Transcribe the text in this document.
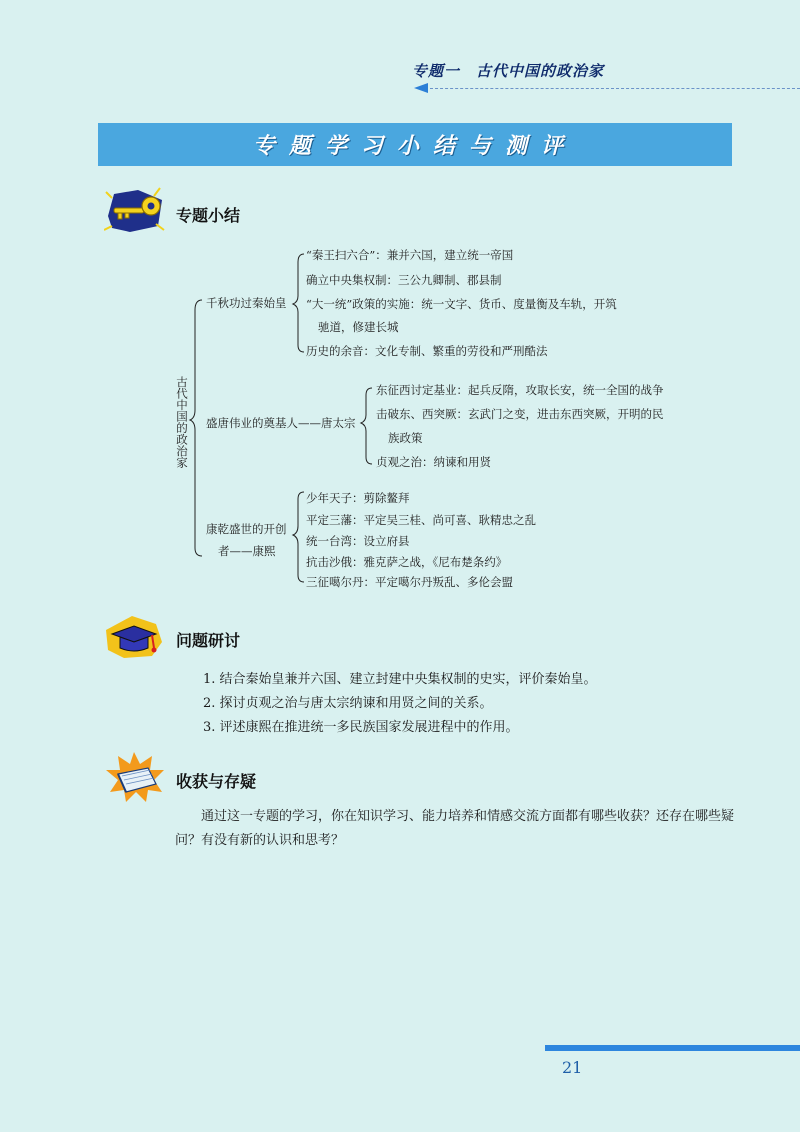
专题一　古代中国的政治家
专题学习小结与测评
专题小结
古代中国的政治家
千秋功过秦始皇
“秦王扫六合”：兼并六国，建立统一帝国
确立中央集权制：三公九卿制、郡县制
“大一统”政策的实施：统一文字、货币、度量衡及车轨，开筑
驰道，修建长城
历史的余音：文化专制、繁重的劳役和严刑酷法
盛唐伟业的奠基人——唐太宗
东征西讨定基业：起兵反隋，攻取长安，统一全国的战争
击破东、西突厥：玄武门之变，进击东西突厥，开明的民
族政策
贞观之治：纳谏和用贤
康乾盛世的开创
者——康熙
少年天子：剪除鳌拜
平定三藩：平定吴三桂、尚可喜、耿精忠之乱
统一台湾：设立府县
抗击沙俄：雅克萨之战，《尼布楚条约》
三征噶尔丹：平定噶尔丹叛乱、多伦会盟
问题研讨
1. 结合秦始皇兼并六国、建立封建中央集权制的史实，评价秦始皇。
2. 探讨贞观之治与唐太宗纳谏和用贤之间的关系。
3. 评述康熙在推进统一多民族国家发展进程中的作用。
收获与存疑
通过这一专题的学习，你在知识学习、能力培养和情感交流方面都有哪些收获？还存在哪些疑问？有没有新的认识和思考？
21
